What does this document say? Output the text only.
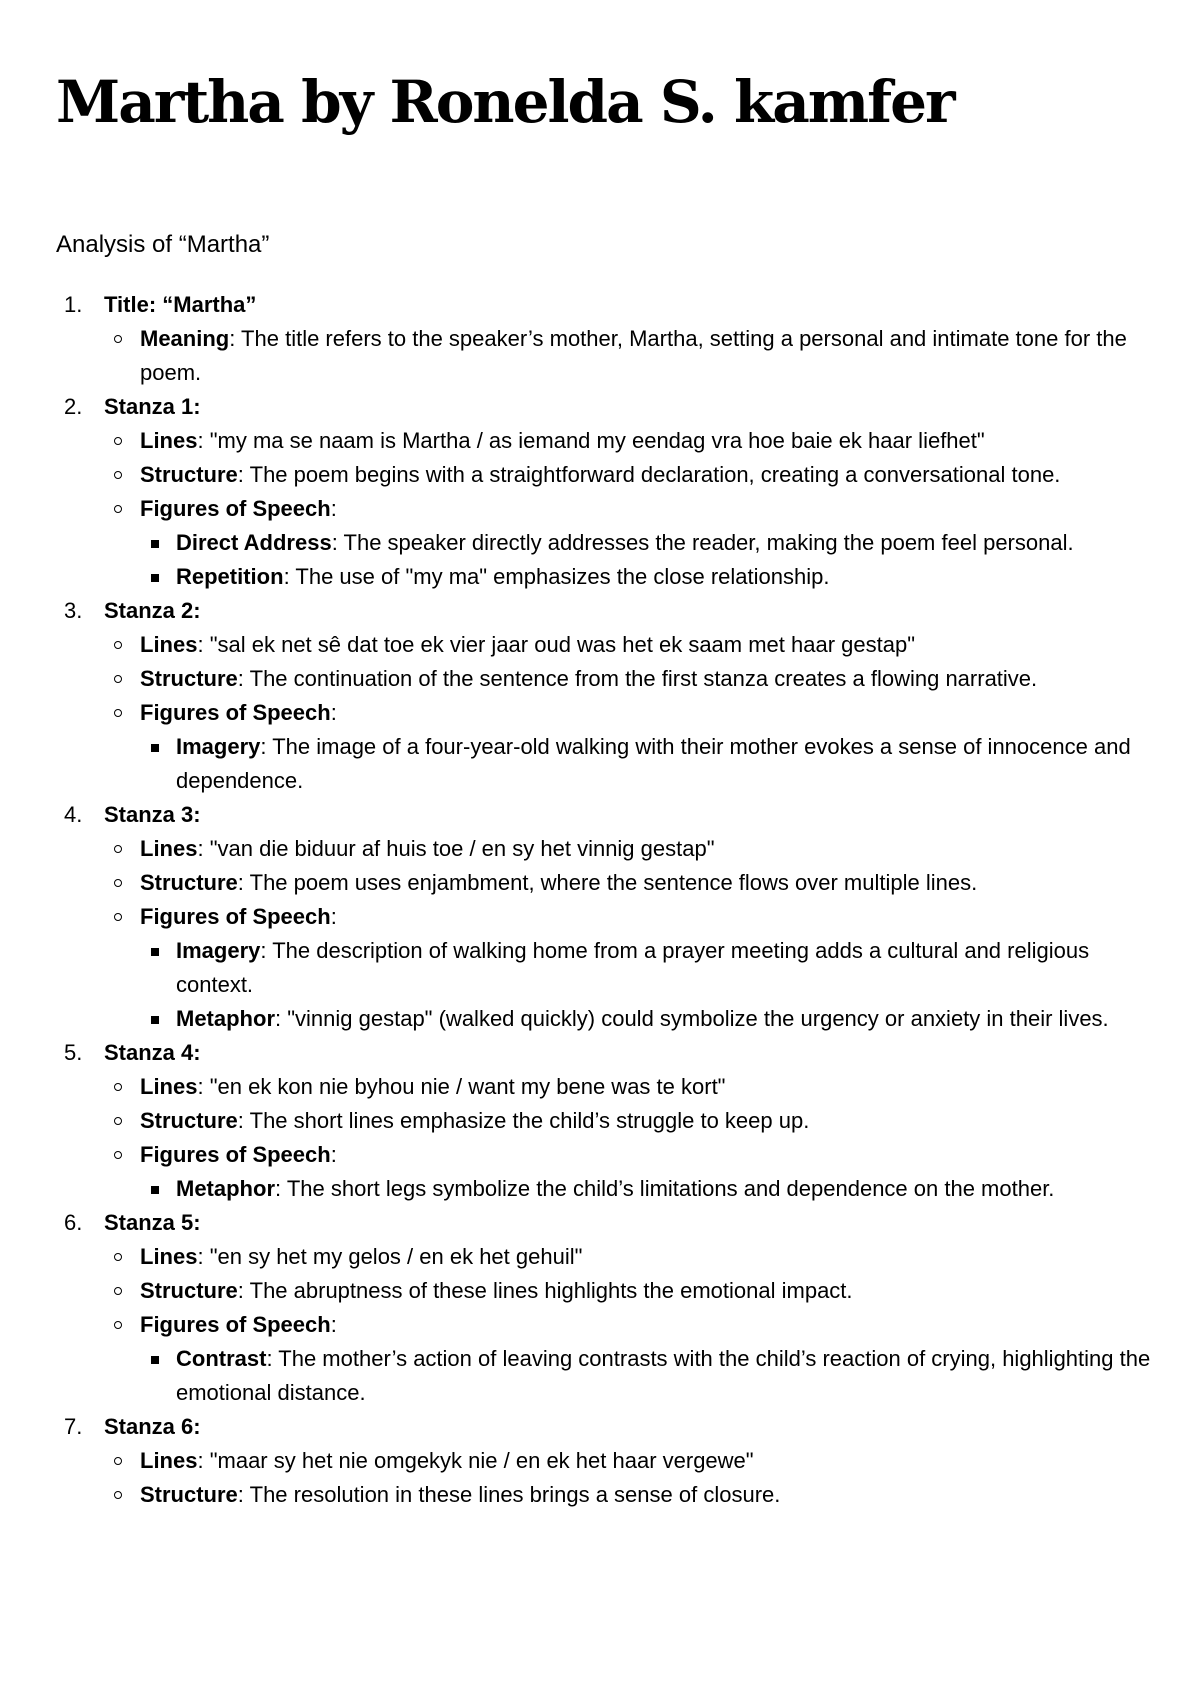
Martha by Ronelda S. kamfer
Analysis of “Martha”
1. Title: “Martha”
Meaning: The title refers to the speaker’s mother, Martha, setting a personal and intimate tone for the poem.
2. Stanza 1:
Lines: "my ma se naam is Martha / as iemand my eendag vra hoe baie ek haar liefhet"
Structure: The poem begins with a straightforward declaration, creating a conversational tone.
Figures of Speech:
Direct Address: The speaker directly addresses the reader, making the poem feel personal.
Repetition: The use of "my ma" emphasizes the close relationship.
3. Stanza 2:
Lines: "sal ek net sê dat toe ek vier jaar oud was het ek saam met haar gestap"
Structure: The continuation of the sentence from the first stanza creates a flowing narrative.
Figures of Speech:
Imagery: The image of a four-year-old walking with their mother evokes a sense of innocence and dependence.
4. Stanza 3:
Lines: "van die biduur af huis toe / en sy het vinnig gestap"
Structure: The poem uses enjambment, where the sentence flows over multiple lines.
Figures of Speech:
Imagery: The description of walking home from a prayer meeting adds a cultural and religious context.
Metaphor: "vinnig gestap" (walked quickly) could symbolize the urgency or anxiety in their lives.
5. Stanza 4:
Lines: "en ek kon nie byhou nie / want my bene was te kort"
Structure: The short lines emphasize the child’s struggle to keep up.
Figures of Speech:
Metaphor: The short legs symbolize the child’s limitations and dependence on the mother.
6. Stanza 5:
Lines: "en sy het my gelos / en ek het gehuil"
Structure: The abruptness of these lines highlights the emotional impact.
Figures of Speech:
Contrast: The mother’s action of leaving contrasts with the child’s reaction of crying, highlighting the emotional distance.
7. Stanza 6:
Lines: "maar sy het nie omgekyk nie / en ek het haar vergewe"
Structure: The resolution in these lines brings a sense of closure.
